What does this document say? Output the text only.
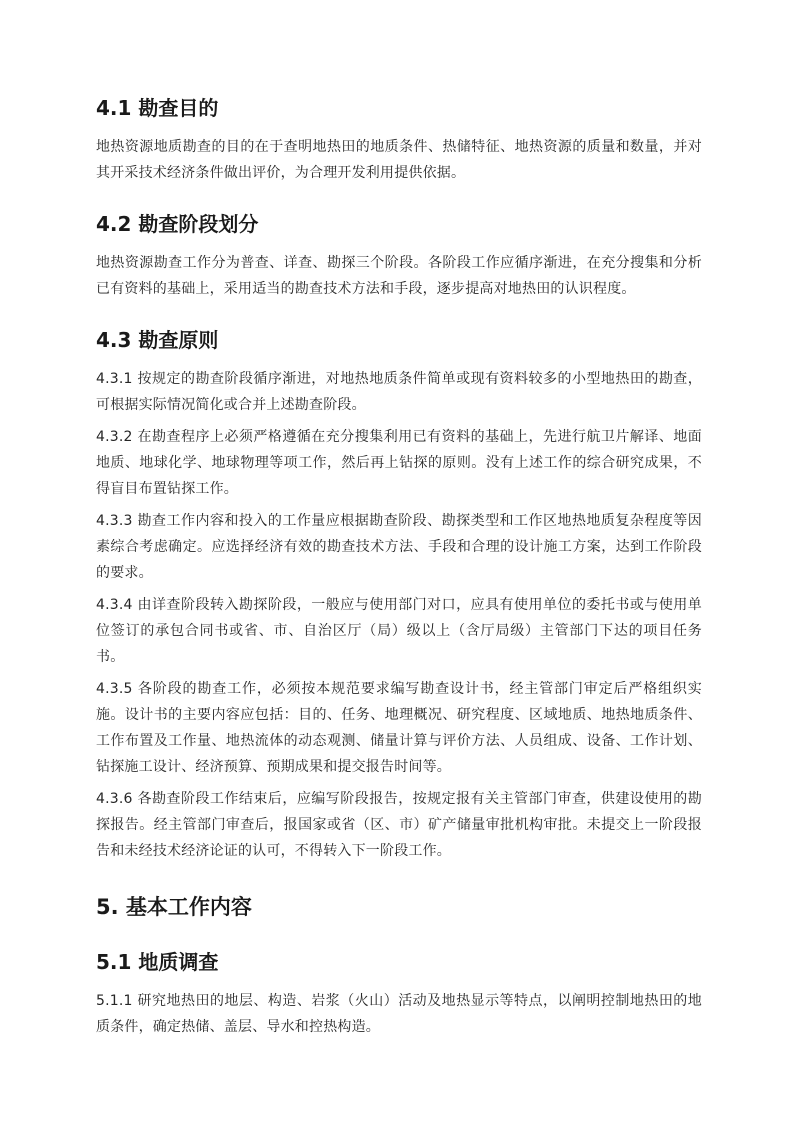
4.1 勘查目的

地热资源地质勘查的目的在于查明地热田的地质条件、热储特征、地热资源的质量和数量，并对其开采技术经济条件做出评价，为合理开发利用提供依据。

4.2 勘查阶段划分

地热资源勘查工作分为普查、详查、勘探三个阶段。各阶段工作应循序渐进，在充分搜集和分析已有资料的基础上，采用适当的勘查技术方法和手段，逐步提高对地热田的认识程度。

4.3 勘查原则

4.3.1 按规定的勘查阶段循序渐进，对地热地质条件简单或现有资料较多的小型地热田的勘查，可根据实际情况简化或合并上述勘查阶段。

4.3.2 在勘查程序上必须严格遵循在充分搜集利用已有资料的基础上，先进行航卫片解译、地面地质、地球化学、地球物理等项工作，然后再上钻探的原则。没有上述工作的综合研究成果，不得盲目布置钻探工作。

4.3.3 勘查工作内容和投入的工作量应根据勘查阶段、勘探类型和工作区地热地质复杂程度等因素综合考虑确定。应选择经济有效的勘查技术方法、手段和合理的设计施工方案，达到工作阶段的要求。

4.3.4 由详查阶段转入勘探阶段，一般应与使用部门对口，应具有使用单位的委托书或与使用单位签订的承包合同书或省、市、自治区厅（局）级以上（含厅局级）主管部门下达的项目任务书。

4.3.5 各阶段的勘查工作，必须按本规范要求编写勘查设计书，经主管部门审定后严格组织实施。设计书的主要内容应包括：目的、任务、地理概况、研究程度、区域地质、地热地质条件、工作布置及工作量、地热流体的动态观测、储量计算与评价方法、人员组成、设备、工作计划、钻探施工设计、经济预算、预期成果和提交报告时间等。

4.3.6 各勘查阶段工作结束后，应编写阶段报告，按规定报有关主管部门审查，供建设使用的勘探报告。经主管部门审查后，报国家或省（区、市）矿产储量审批机构审批。未提交上一阶段报告和未经技术经济论证的认可，不得转入下一阶段工作。

5. 基本工作内容
5.1 地质调查

5.1.1 研究地热田的地层、构造、岩浆（火山）活动及地热显示等特点，以阐明控制地热田的地质条件，确定热储、盖层、导水和控热构造。
